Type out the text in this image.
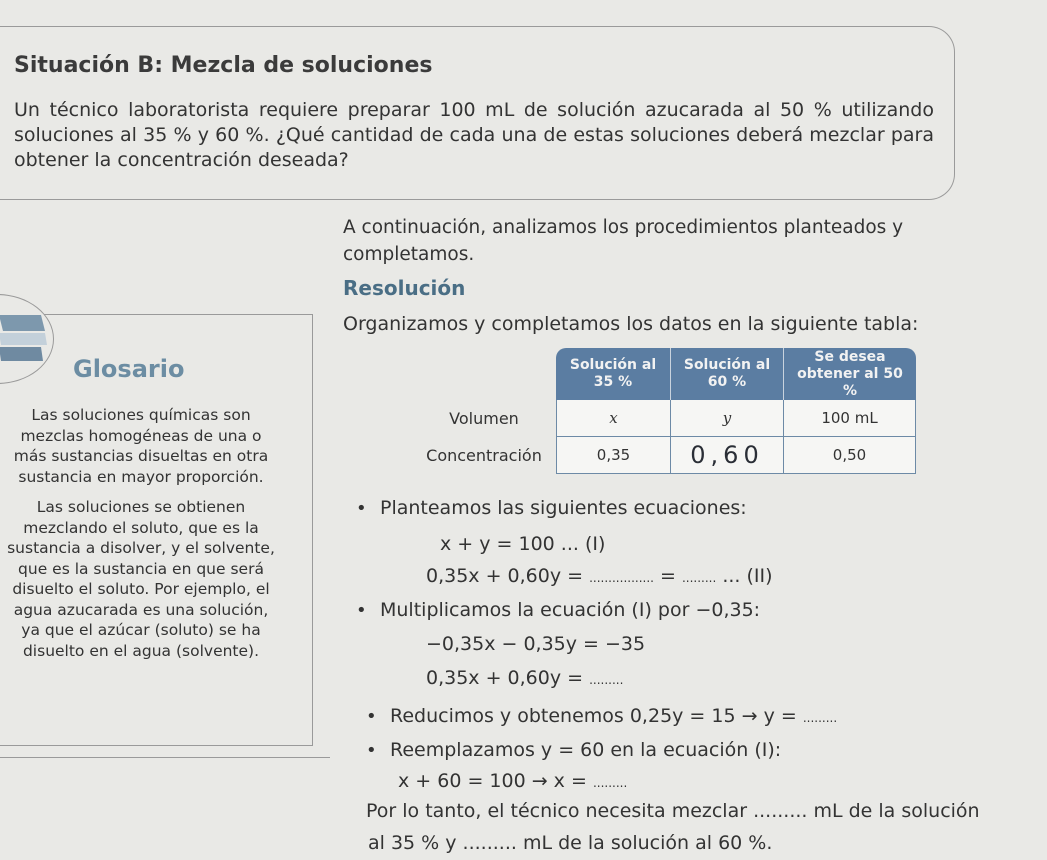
Situación B: Mezcla de soluciones
Un técnico laboratorista requiere preparar 100 mL de solución azucarada al 50 % utilizando soluciones al 35 % y 60 %. ¿Qué cantidad de cada una de estas soluciones deberá mezclar para obtener la concentración deseada?
A continuación, analizamos los procedimientos planteados y completamos.
Resolución
Organizamos y completamos los datos en la siguiente tabla:
Glosario

Las soluciones químicas son mezclas homogéneas de una o más sustancias disueltas en otra sustancia en mayor proporción.

Las soluciones se obtienen mezclando el soluto, que es la sustancia a disolver, y el solvente, que es la sustancia en que será disuelto el soluto. Por ejemplo, el agua azucarada es una solución, ya que el azúcar (soluto) se ha disuelto en el agua (solvente).

	Solución al 35 %	Solución al 60 %	Se desea obtener al 50 %
Volumen	x	y	100 mL
Concentración	0,35	0,60	0,50
• Planteamos las siguientes ecuaciones:
x + y = 100 ... (I)
0,35x + 0,60y = ................. = ......... ... (II)
• Multiplicamos la ecuación (I) por −0,35:
−0,35x − 0,35y = −35
0,35x + 0,60y = .........
• Reducimos y obtenemos 0,25y = 15 → y = .........
• Reemplazamos y = 60 en la ecuación (I):
x + 60 = 100 → x = .........
Por lo tanto, el técnico necesita mezclar ......... mL de la solución
al 35 % y ......... mL de la solución al 60 %.
